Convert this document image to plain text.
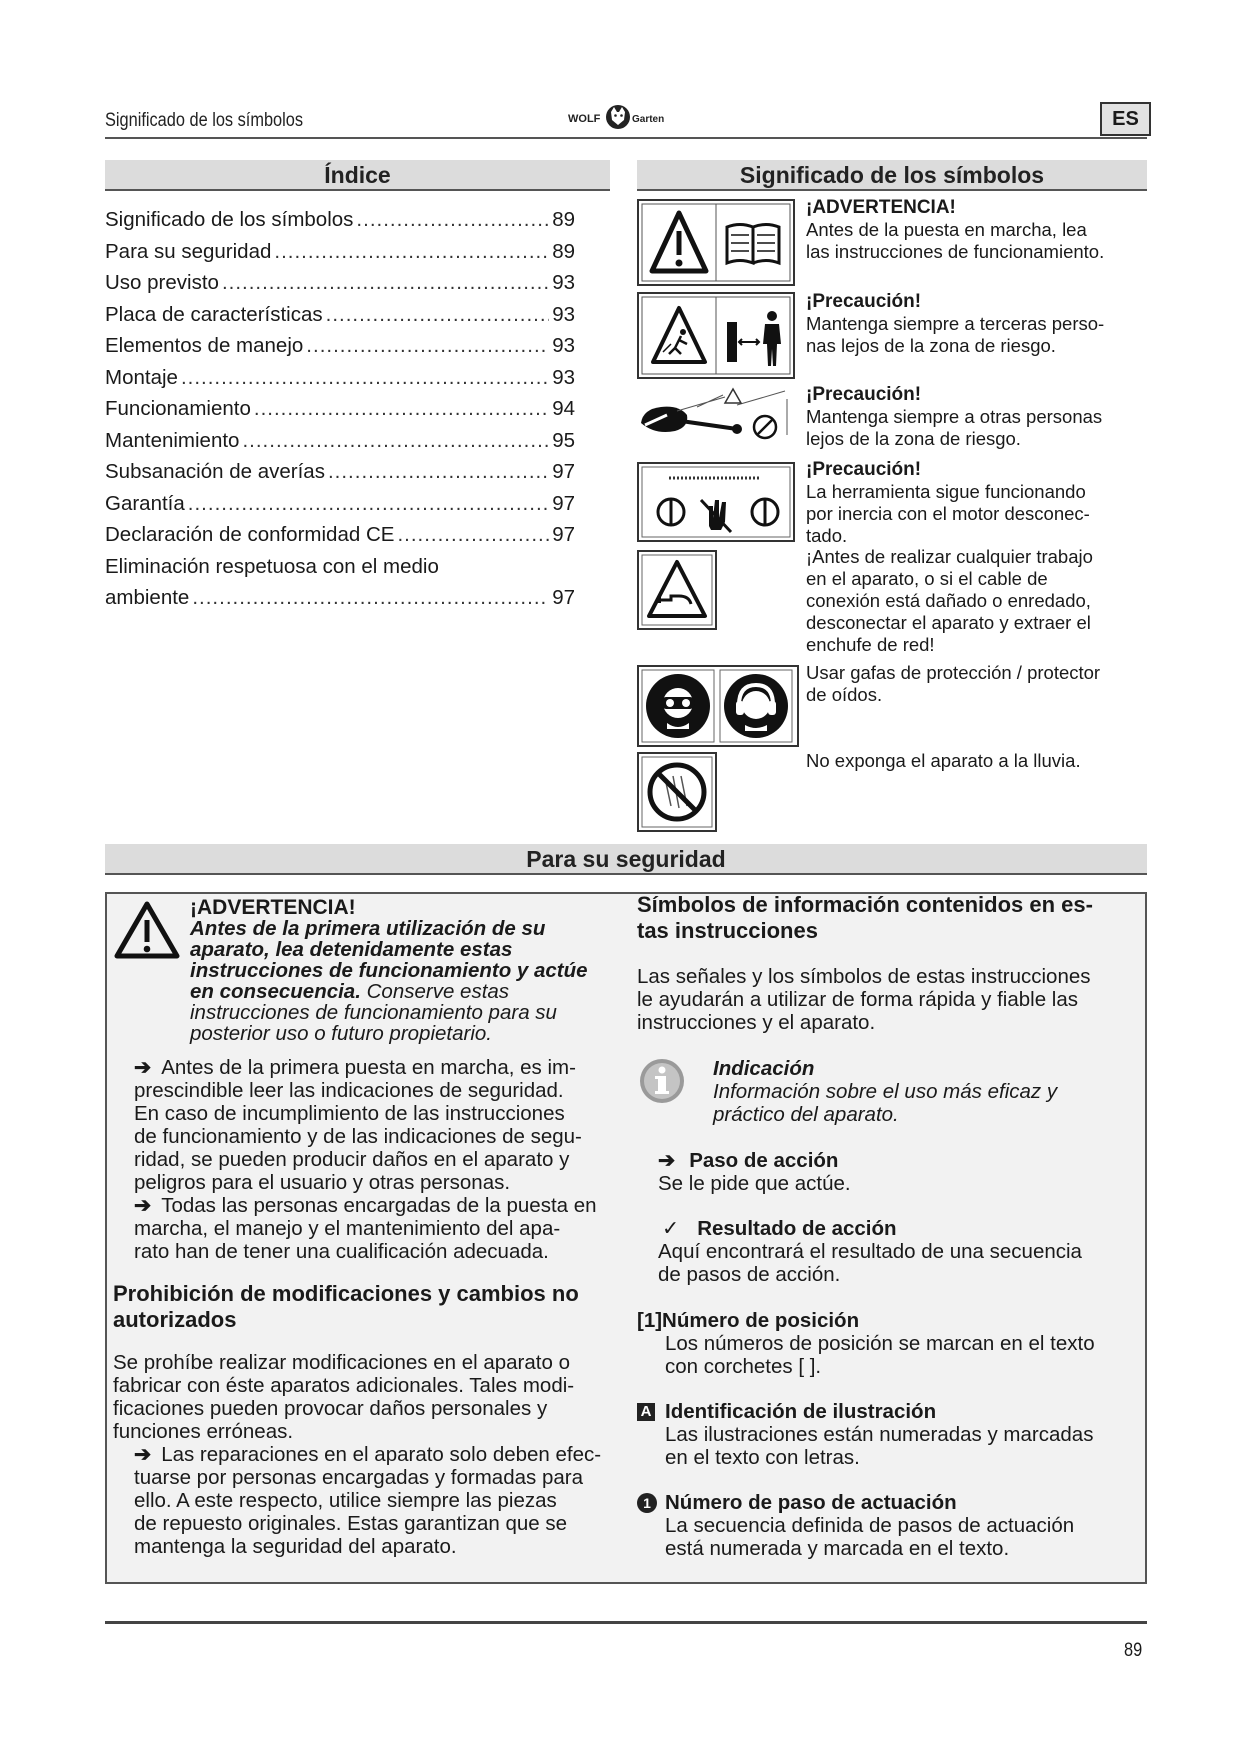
Significado de los símbolos	WOLF	Garten	ES
Índice
Significado de los símbolos .....	89
Para su seguridad .....	89
Uso previsto .....	93
Placa de características .....	93
Elementos de manejo .....	93
Montaje .....	93
Funcionamiento .....	94
Mantenimiento .....	95
Subsanación de averías .....	97
Garantía .....	97
Declaración de conformidad CE .....	97
Eliminación respetuosa con el medio
ambiente .....	97
Significado de los símbolos
¡ADVERTENCIA!
Antes de la puesta en marcha, lea
las instrucciones de funcionamiento.
¡Precaución!
Mantenga siempre a terceras perso-
nas lejos de la zona de riesgo.
¡Precaución!
Mantenga siempre a otras personas
lejos de la zona de riesgo.
¡Precaución!
La herramienta sigue funcionando
por inercia con el motor desconec-
tado.
¡Antes de realizar cualquier trabajo
en el aparato, o si el cable de
conexión está dañado o enredado,
desconectar el aparato y extraer el
enchufe de red!
Usar gafas de protección / protector
de oídos.
No exponga el aparato a la lluvia.
Para su seguridad
¡ADVERTENCIA!
Antes de la primera utilización de su
aparato, lea detenidamente estas
instrucciones de funcionamiento y actúe
en consecuencia. Conserve estas
instrucciones de funcionamiento para su
posterior uso o futuro propietario.
➔ Antes de la primera puesta en marcha, es im-
prescindible leer las indicaciones de seguridad.
En caso de incumplimiento de las instrucciones
de funcionamiento y de las indicaciones de segu-
ridad, se pueden producir daños en el aparato y
peligros para el usuario y otras personas.
➔ Todas las personas encargadas de la puesta en
marcha, el manejo y el mantenimiento del apa-
rato han de tener una cualificación adecuada.
Prohibición de modificaciones y cambios no
autorizados
Se prohíbe realizar modificaciones en el aparato o
fabricar con éste aparatos adicionales. Tales modi-
ficaciones pueden provocar daños personales y
funciones erróneas.
➔ Las reparaciones en el aparato solo deben efec-
tuarse por personas encargadas y formadas para
ello. A este respecto, utilice siempre las piezas
de repuesto originales. Estas garantizan que se
mantenga la seguridad del aparato.
Símbolos de información contenidos en es-
tas instrucciones
Las señales y los símbolos de estas instrucciones
le ayudarán a utilizar de forma rápida y fiable las
instrucciones y el aparato.
Indicación
Información sobre el uso más eficaz y
práctico del aparato.
➔ Paso de acción
Se le pide que actúe.
✓ Resultado de acción
Aquí encontrará el resultado de una secuencia
de pasos de acción.
[1]Número de posición
Los números de posición se marcan en el texto
con corchetes [ ].
A Identificación de ilustración
Las ilustraciones están numeradas y marcadas
en el texto con letras.
1 Número de paso de actuación
La secuencia definida de pasos de actuación
está numerada y marcada en el texto.
89
